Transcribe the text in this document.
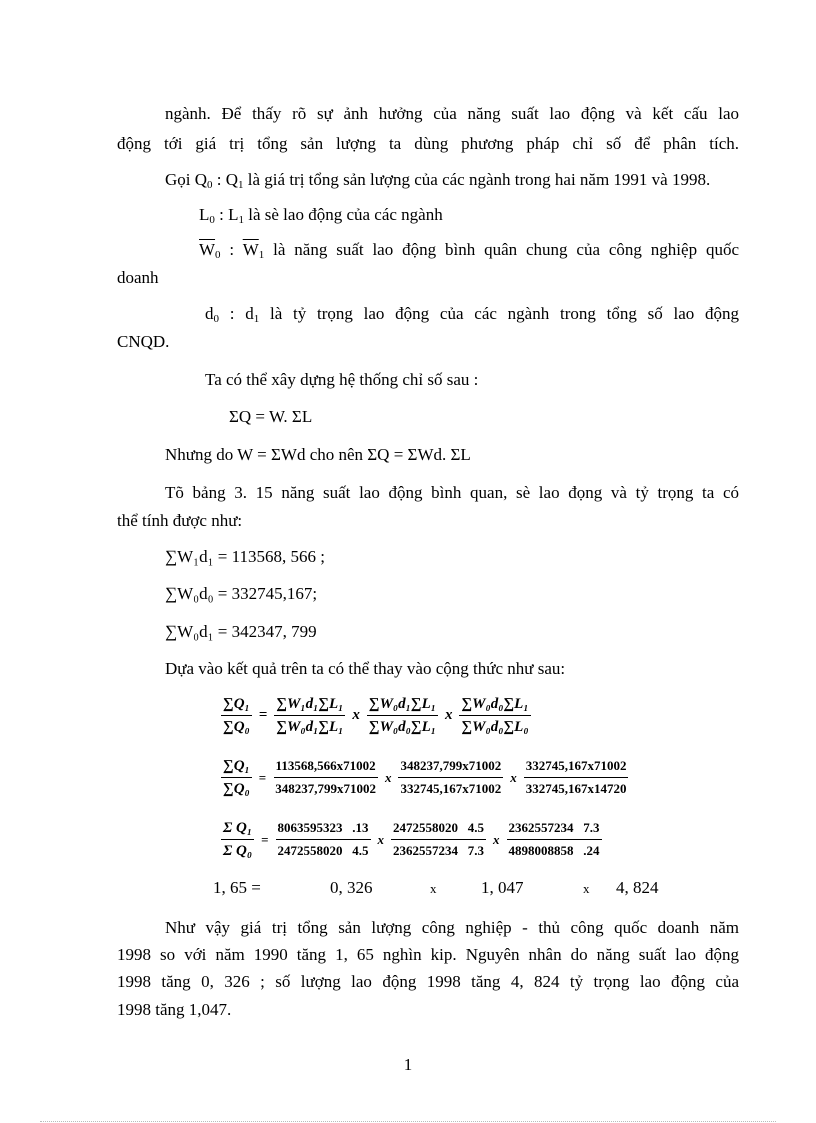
ngành. Để thấy rõ sự ảnh hưởng của năng suất lao động và kết cấu lao
động tới giá trị tổng sản lượng ta dùng phương pháp chỉ số để phân tích.
Gọi $Q_0$ : $Q_1$ là giá trị tổng sản lượng của các ngành trong hai năm 1991 và 1998.
$L_0$ : $L_1$ là sè lao động của các ngành
$\overline{W}_0$ : $\overline{W}_1$ là năng suất lao động bình quân chung của công nghiệp quốc
doanh
$d_0$ : $d_1$ là tỷ trọng lao động của các ngành trong tổng số lao động
CNQD.
Ta có thể xây dựng hệ thống chỉ số sau :
ΣQ = W. ΣL
Nhưng do W = ΣWd cho nên ΣQ = ΣWd. ΣL
Tõ bảng 3. 15 năng suất lao động bình quan, sè lao đọng và tỷ trọng ta có
thể tính được như:
∑W₁d₁ = 113568, 566 ;
∑W₀d₀ = 332745,167;
∑W₀d₁ = 342347, 799
Dựa vào kết quả trên ta có thể thay vào cộng thức như sau:
$\frac{\text{∑Q₁}}{\text{∑Q₀}} = \frac{\text{∑W₁d₁∑L₁}}{\text{∑W₀d₁∑L₁}}$ x $\frac{\text{∑W₀d₁∑L₁}}{\text{∑W₀d₀∑L₁}}$ x $\frac{\text{∑W₀d₀∑L₁}}{\text{∑W₀d₀∑L₀}}$
$\frac{\text{∑Q₁}}{\text{∑Q₀}} = \frac{113568,566x71002}{348237,799x71002}$ x $\frac{348237,799x71002}{332745,167x71002}$ x $\frac{332745,167x71002}{332745,167x14720}$
$\frac{\text{Σ Q₁}}{\text{Σ Q₀}} = \frac{8063595323 .13}{2472558020 4.5}$ x $\frac{2472558020 4.5}{2362557234 7.3}$ x $\frac{2362557234 7.3}{4898008858 .24}$
1, 65 =	0, 326	x	1, 047	x 4, 824
Như vậy giá trị tổng sản lượng công nghiệp - thủ công quốc doanh năm
1998 so với năm 1990 tăng 1, 65 nghìn kip. Nguyên nhân do năng suất lao động
1998 tăng 0, 326 ; số lượng lao động 1998 tăng 4, 824 tỷ trọng lao động của
1998 tăng 1,047.
1
